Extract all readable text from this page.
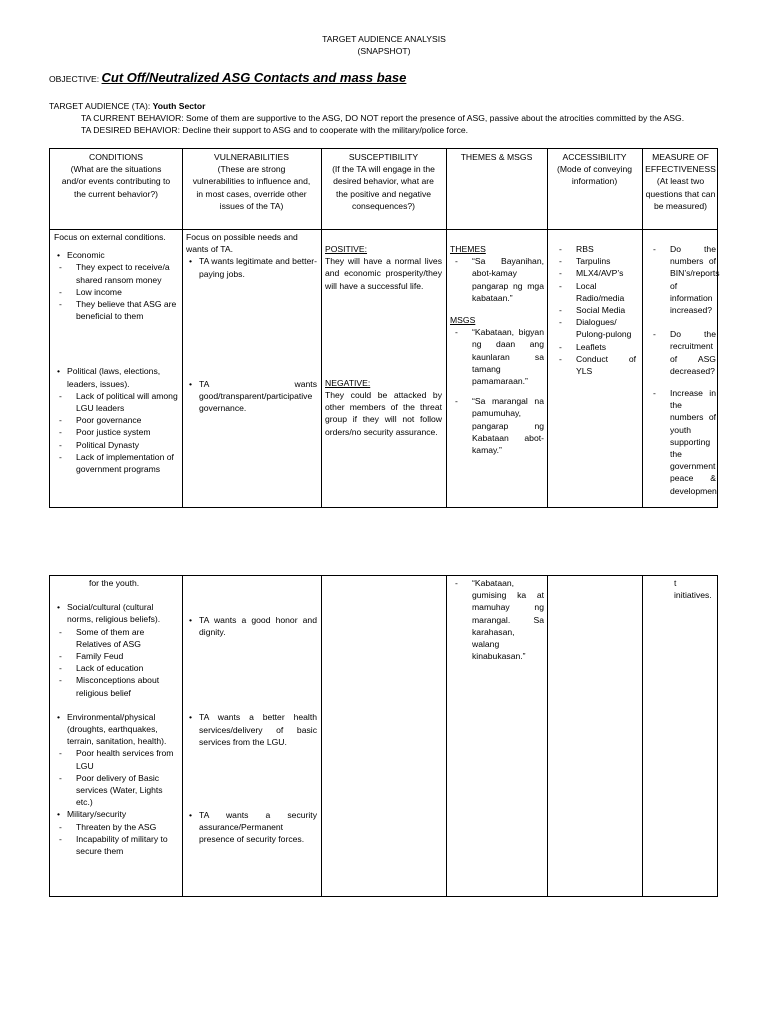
TARGET AUDIENCE ANALYSIS
(SNAPSHOT)
OBJECTIVE: Cut Off/Neutralized ASG Contacts and mass base
TARGET AUDIENCE (TA): Youth Sector
TA CURRENT BEHAVIOR: Some of them are supportive to the ASG, DO NOT report the presence of ASG, passive about the atrocities committed by the ASG.
TA DESIRED BEHAVIOR: Decline their support to ASG and to cooperate with the military/police force.
CONDITIONS
(What are the situations
and/or events contributing to
the current behavior?)
VULNERABILITIES
(These are strong
vulnerabilities to influence and,
in most cases, override other
issues of the TA)
SUSCEPTIBILITY
(If the TA will engage in the
desired behavior, what are
the positive and negative
consequences?)
THEMES & MSGS	ACCESSIBILITY
(Mode of conveying
information)
MEASURE OF
EFFECTIVENESS
(At least two
questions that can
be measured)

Focus on external conditions.

• Economic
- They expect to receive/a shared ransom money
- Low income
- They believe that ASG are beneficial to them
• Political (laws, elections, leaders, issues).
- Lack of political will among LGU leaders
- Poor governance
- Poor justice system
- Political Dynasty
- Lack of implementation of government programs

Focus on possible needs and wants of TA.

• TA wants legitimate and better-paying jobs.
• TA wants good/transparent/participative governance.

POSITIVE:

They will have a normal lives and economic prosperity/they will have a successful life.

NEGATIVE:

They could be attacked by other members of the threat group if they will not follow orders/no security assurance.

THEMES

- “Sa Bayanihan, abot-kamay pangarap ng mga kabataan.”

MSGS

- “Kabataan, bigyan ng daan ang kaunlaran sa tamang pamamaraan.”
- “Sa marangal na pamumuhay, pangarap ng Kabataan abot-kamay.”
- RBS
- Tarpulins
- MLX4/AVP’s
- Local Radio/media
- Social Media
- Dialogues/ Pulong-pulong
- Leaflets
- Conduct of YLS
- Do the numbers of BIN’s/reports of information increased?
- Do the recruitment of ASG decreased?
- Increase in the numbers of youth supporting the government peace & developmen

for the youth.

• Social/cultural (cultural norms, religious beliefs).
- Some of them are Relatives of ASG
- Family Feud
- Lack of education
- Misconceptions about religious belief
• Environmental/physical (droughts, earthquakes, terrain, sanitation, health).
- Poor health services from LGU
- Poor delivery of Basic services (Water, Lights etc.)
• Military/security
- Threaten by the ASG
- Incapability of military to secure them
• TA wants a good honor and dignity.
• TA wants a better health services/delivery of basic services from the LGU.
• TA wants a security assurance/Permanent presence of security forces.
- “Kabataan, gumising ka at mamuhay ng marangal. Sa karahasan, walang kinabukasan.”

t initiatives.
